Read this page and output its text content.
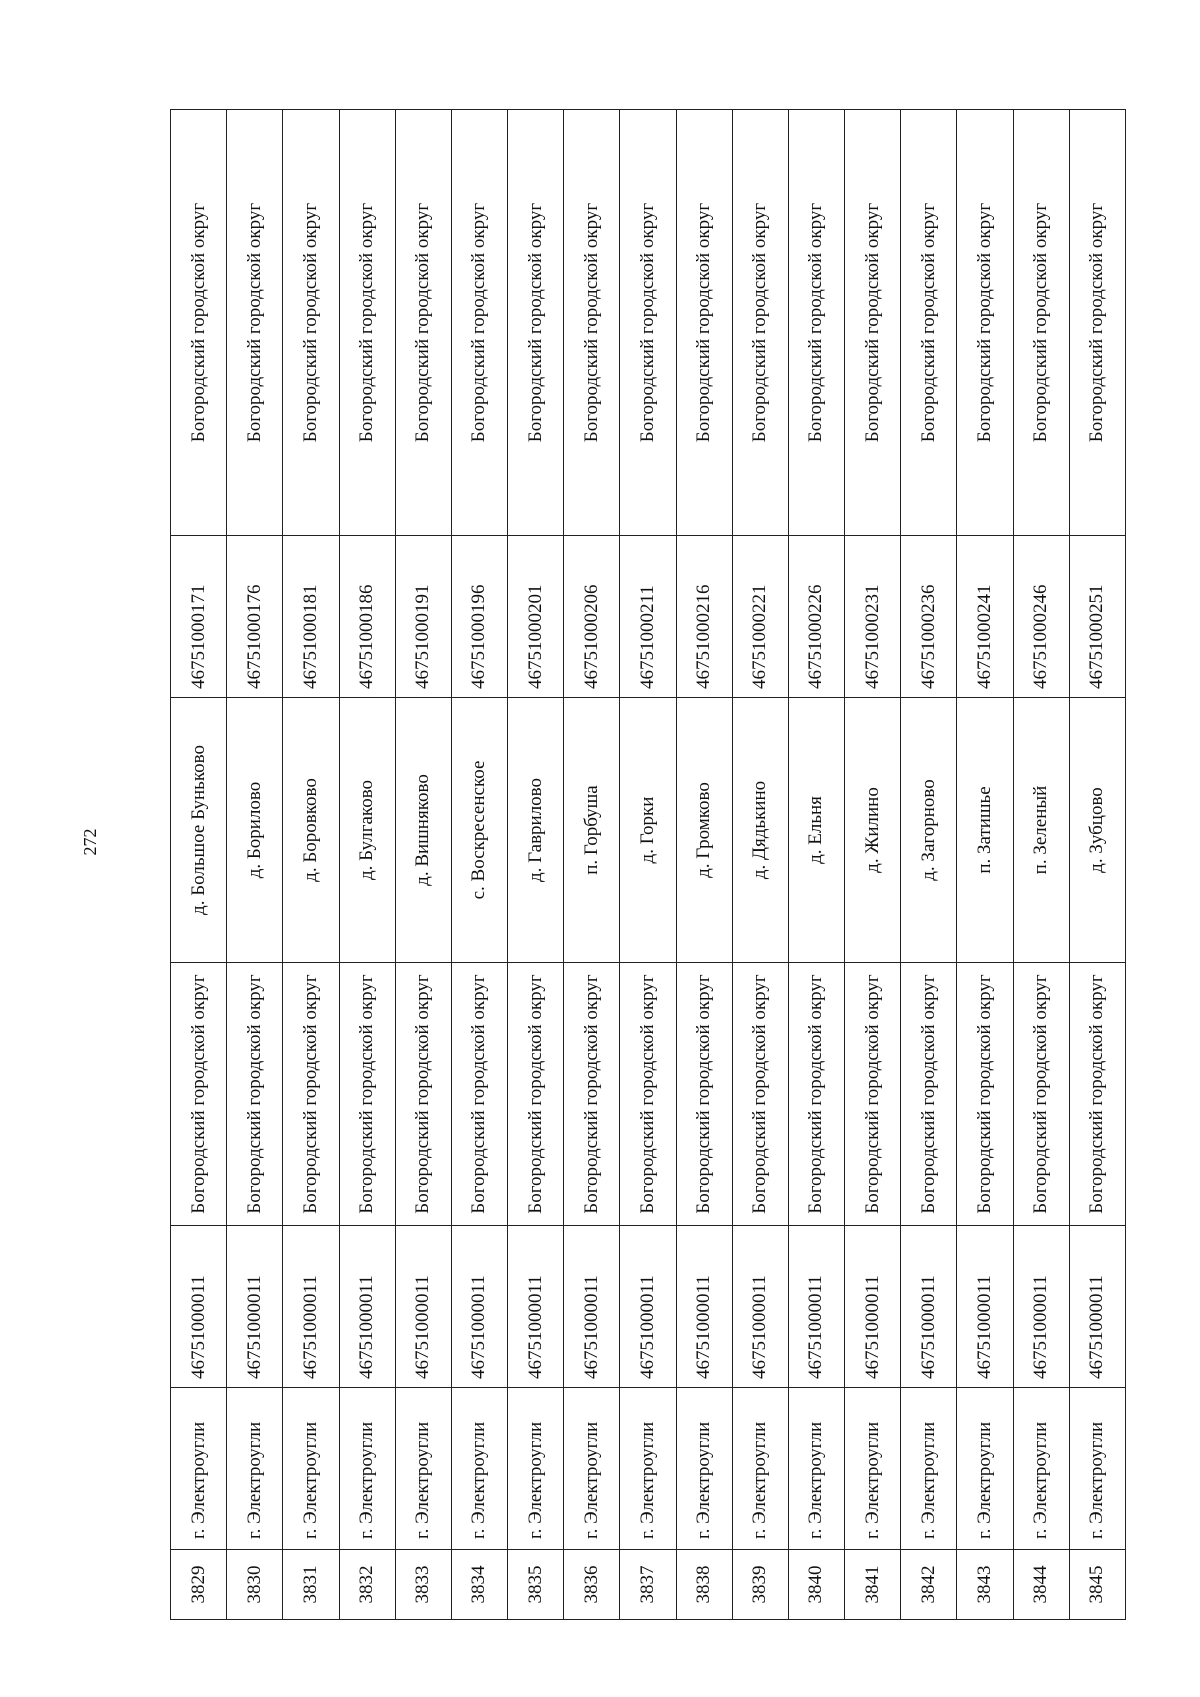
272
3829	г. Электроугли	46751000011	Богородский городской округ	д. Большое Буньково	46751000171	Богородский городской округ
3830	г. Электроугли	46751000011	Богородский городской округ	д. Борилово	46751000176	Богородский городской округ
3831	г. Электроугли	46751000011	Богородский городской округ	д. Боровково	46751000181	Богородский городской округ
3832	г. Электроугли	46751000011	Богородский городской округ	д. Булгаково	46751000186	Богородский городской округ
3833	г. Электроугли	46751000011	Богородский городской округ	д. Вишняково	46751000191	Богородский городской округ
3834	г. Электроугли	46751000011	Богородский городской округ	с. Воскресенское	46751000196	Богородский городской округ
3835	г. Электроугли	46751000011	Богородский городской округ	д. Гаврилово	46751000201	Богородский городской округ
3836	г. Электроугли	46751000011	Богородский городской округ	п. Горбуша	46751000206	Богородский городской округ
3837	г. Электроугли	46751000011	Богородский городской округ	д. Горки	46751000211	Богородский городской округ
3838	г. Электроугли	46751000011	Богородский городской округ	д. Громково	46751000216	Богородский городской округ
3839	г. Электроугли	46751000011	Богородский городской округ	д. Дядькино	46751000221	Богородский городской округ
3840	г. Электроугли	46751000011	Богородский городской округ	д. Ельня	46751000226	Богородский городской округ
3841	г. Электроугли	46751000011	Богородский городской округ	д. Жилино	46751000231	Богородский городской округ
3842	г. Электроугли	46751000011	Богородский городской округ	д. Загорново	46751000236	Богородский городской округ
3843	г. Электроугли	46751000011	Богородский городской округ	п. Затишье	46751000241	Богородский городской округ
3844	г. Электроугли	46751000011	Богородский городской округ	п. Зеленый	46751000246	Богородский городской округ
3845	г. Электроугли	46751000011	Богородский городской округ	д. Зубцово	46751000251	Богородский городской округ
